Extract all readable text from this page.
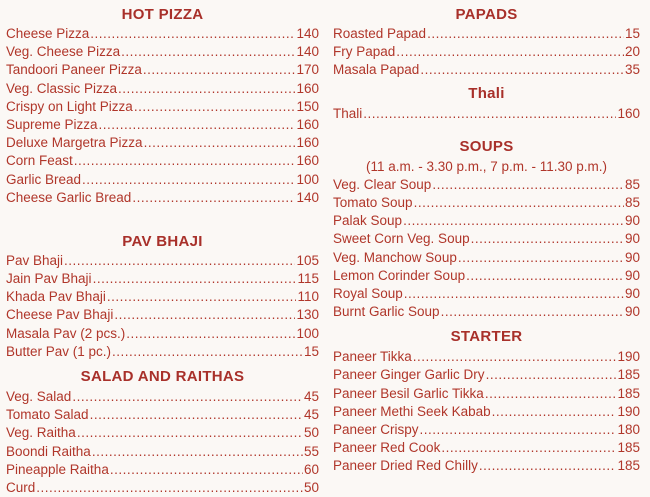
HOT PIZZA
Cheese Pizza .....	140
Veg. Cheese Pizza .....	140
Tandoori Paneer Pizza .....	170
Veg. Classic Pizza .....	160
Crispy on Light Pizza .....	150
Supreme Pizza .....	160
Deluxe Margetra Pizza .....	160
Corn Feast .....	160
Garlic Bread .....	100
Cheese Garlic Bread .....	140
PAV BHAJI
Pav Bhaji .....	105
Jain Pav Bhaji .....	115
Khada Pav Bhaji .....	110
Cheese Pav Bhaji .....	130
Masala Pav (2 pcs.) .....	100
Butter Pav (1 pc.) .....	15
SALAD AND RAITHAS
Veg. Salad .....	45
Tomato Salad .....	45
Veg. Raitha .....	50
Boondi Raitha .....	55
Pineapple Raitha .....	60
Curd .....	50
PAPADS
Roasted Papad .....	15
Fry Papad .....	20
Masala Papad .....	35
Thali
Thali .....	160
SOUPS
(11 a.m. - 3.30 p.m., 7 p.m. - 11.30 p.m.)
Veg. Clear Soup .....	85
Tomato Soup .....	85
Palak Soup .....	90
Sweet Corn Veg. Soup .....	90
Veg. Manchow Soup .....	90
Lemon Corinder Soup .....	90
Royal Soup .....	90
Burnt Garlic Soup .....	90
STARTER
Paneer Tikka .....	190
Paneer Ginger Garlic Dry .....	185
Paneer Besil Garlic Tikka .....	185
Paneer Methi Seek Kabab .....	190
Paneer Crispy .....	180
Paneer Red Cook .....	185
Paneer Dried Red Chilly .....	185
